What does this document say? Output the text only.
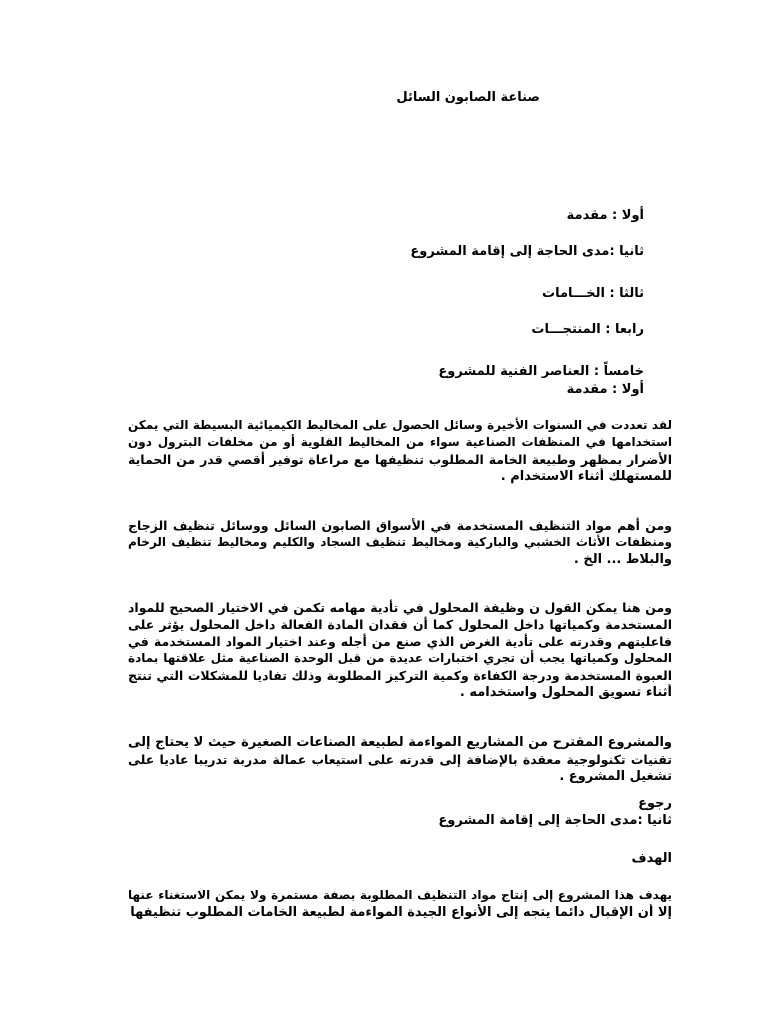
صناعة الصابون السائل

أولا : مقدمة

ثانيا :مدى الحاجة إلى إقامة المشروع

ثالثا : الخـــامات

رابعا : المنتجـــات

خامساً : العناصر الفنية للمشروع

أولا : مقدمة

لقد تعددت في السنوات الأخيرة وسائل الحصول على المخاليط الكيميائية البسيطة التي يمكن
استخدامها في المنظفات الصناعية سواء من المخاليط القلوية أو من مخلفات البترول دون
الأضرار بمظهر وطبيعة الخامة المطلوب تنظيفها مع مراعاة توفير أقصي قدر من الحماية
للمستهلك أثناء الاستخدام .
ومن أهم مواد التنظيف المستخدمة في الأسواق الصابون السائل ووسائل تنظيف الزجاج
ومنظفات الأثاث الخشبي والباركية ومخاليط تنظيف السجاد والكليم ومخاليط تنظيف الرخام
والبلاط ... الخ .
ومن هنا يمكن القول ن وظيفة المحلول في تأدية مهامه تكمن في الاختيار الصحيح للمواد
المستخدمة وكمياتها داخل المحلول كما أن فقدان المادة الفعالة داخل المحلول يؤثر على
فاعليتهم وقدرته على تأدية الغرض الذي صنع من أجله وعند اختيار المواد المستخدمة في
المحلول وكمياتها يجب أن تجري اختبارات عديدة من قبل الوحدة الصناعية مثل علاقتها بمادة
العبوة المستخدمة ودرجة الكفاءة وكمية التركيز المطلوبة وذلك تفاديا للمشكلات التي تنتج
أثناء تسويق المحلول واستخدامه .
والمشروع المقترح من المشاريع المواءمة لطبيعة الصناعات الصغيرة حيث لا يحتاج إلى
تقنيات تكنولوجية معقدة بالإضافة إلى قدرته على استيعاب عمالة مدربة تدريبا عاديا على
تشغيل المشروع .

رجوع

ثانيا :مدى الحاجة إلى إقامة المشروع

الهدف

يهدف هذا المشروع إلى إنتاج مواد التنظيف المطلوبة بصفة مستمرة ولا يمكن الاستغناء عنها
إلا أن الإقبال دائما يتجه إلى الأنواع الجيدة المواءمة لطبيعة الخامات المطلوب تنظيفها
